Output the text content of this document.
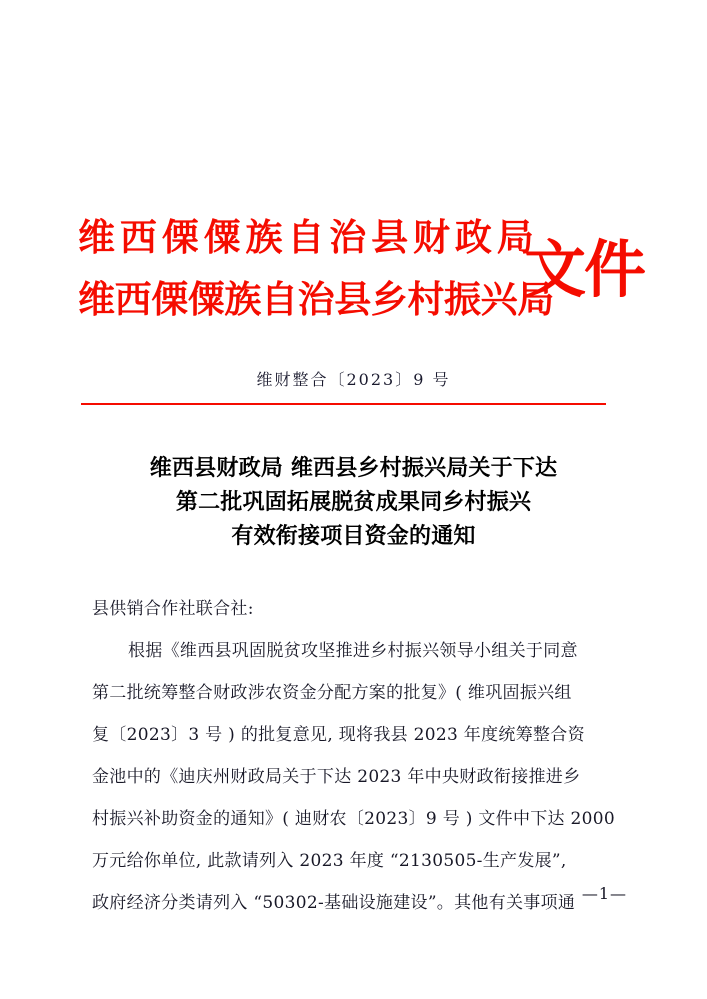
维西傈僳族自治县财政局
维西傈僳族自治县乡村振兴局
文件
维财整合〔2023〕9 号
维西县财政局 维西县乡村振兴局关于下达
第二批巩固拓展脱贫成果同乡村振兴
有效衔接项目资金的通知
县供销合作社联合社:
根据《维西县巩固脱贫攻坚推进乡村振兴领导小组关于同意
第二批统筹整合财政涉农资金分配方案的批复》( 维巩固振兴组
复〔2023〕3 号 ) 的批复意见, 现将我县 2023 年度统筹整合资
金池中的《迪庆州财政局关于下达 2023 年中央财政衔接推进乡
村振兴补助资金的通知》( 迪财农〔2023〕9 号 ) 文件中下达 2000
万元给你单位, 此款请列入 2023 年度 “2130505-生产发展”,
政府经济分类请列入 “50302-基础设施建设”。其他有关事项通 —1—
